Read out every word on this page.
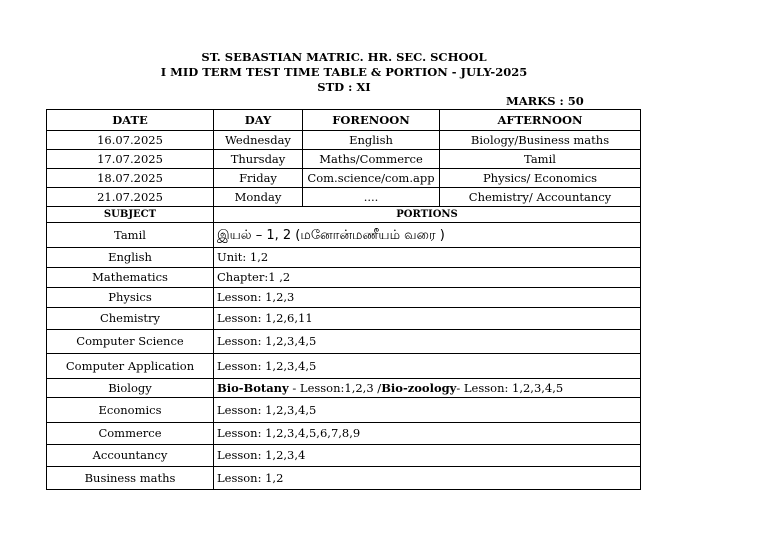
ST. SEBASTIAN MATRIC. HR. SEC. SCHOOL
I MID TERM TEST TIME TABLE & PORTION - JULY-2025
STD : XI
MARKS : 50
DATE	DAY	FORENOON	AFTERNOON
16.07.2025	Wednesday	English	Biology/Business maths
17.07.2025	Thursday	Maths/Commerce	Tamil
18.07.2025	Friday	Com.science/com.app	Physics/ Economics
21.07.2025	Monday	....	Chemistry/ Accountancy
SUBJECT	PORTIONS		
Tamil	இயல் – 1, 2 (மனோன்மணீயம் வரை )		
English	Unit: 1,2		
Mathematics	Chapter:1 ,2		
Physics	Lesson: 1,2,3		
Chemistry	Lesson: 1,2,6,11		
Computer Science	Lesson: 1,2,3,4,5		
Computer Application	Lesson: 1,2,3,4,5		
Biology	Bio-Botany - Lesson:1,2,3 /Bio-zoology- Lesson: 1,2,3,4,5		
Economics	Lesson: 1,2,3,4,5		
Commerce	Lesson: 1,2,3,4,5,6,7,8,9		
Accountancy	Lesson: 1,2,3,4		
Business maths	Lesson: 1,2		
